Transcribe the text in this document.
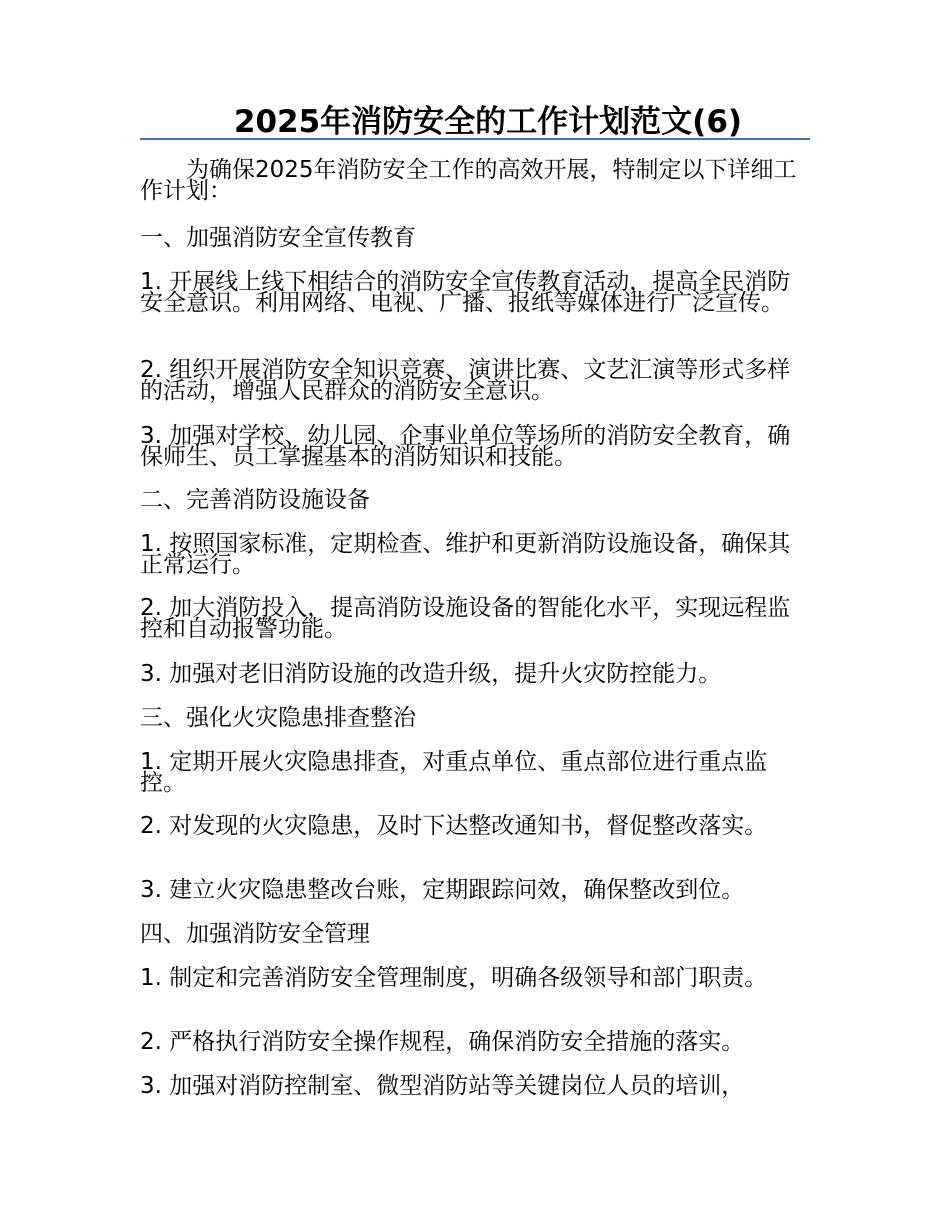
2025年消防安全的工作计划范文(6)

为确保2025年消防安全工作的高效开展，特制定以下详细工作计划：

一、加强消防安全宣传教育

1. 开展线上线下相结合的消防安全宣传教育活动，提高全民消防安全意识。利用网络、电视、广播、报纸等媒体进行广泛宣传。

2. 组织开展消防安全知识竞赛、演讲比赛、文艺汇演等形式多样的活动，增强人民群众的消防安全意识。

3. 加强对学校、幼儿园、企事业单位等场所的消防安全教育，确保师生、员工掌握基本的消防知识和技能。

二、完善消防设施设备

1. 按照国家标准，定期检查、维护和更新消防设施设备，确保其正常运行。

2. 加大消防投入，提高消防设施设备的智能化水平，实现远程监控和自动报警功能。

3. 加强对老旧消防设施的改造升级，提升火灾防控能力。

三、强化火灾隐患排查整治

1. 定期开展火灾隐患排查，对重点单位、重点部位进行重点监控。

2. 对发现的火灾隐患，及时下达整改通知书，督促整改落实。

3. 建立火灾隐患整改台账，定期跟踪问效，确保整改到位。

四、加强消防安全管理

1. 制定和完善消防安全管理制度，明确各级领导和部门职责。

2. 严格执行消防安全操作规程，确保消防安全措施的落实。

3. 加强对消防控制室、微型消防站等关键岗位人员的培训，
